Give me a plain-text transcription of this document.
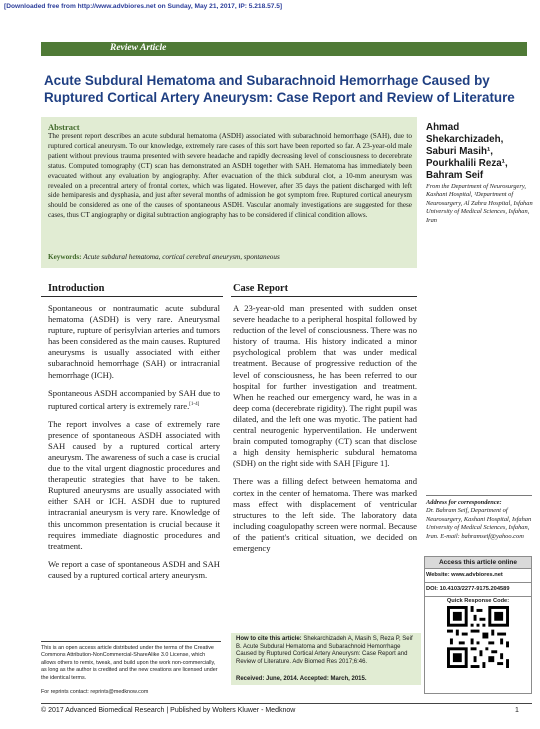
[Downloaded free from http://www.advbiores.net on Sunday, May 21, 2017, IP: 5.218.57.5]
Review Article
Acute Subdural Hematoma and Subarachnoid Hemorrhage Caused by Ruptured Cortical Artery Aneurysm: Case Report and Review of Literature
Abstract
The present report describes an acute subdural hematoma (ASDH) associated with subarachnoid hemorrhage (SAH), due to ruptured cortical aneurysm. To our knowledge, extremely rare cases of this sort have been reported so far. A 23-year-old male patient without previous trauma presented with severe headache and rapidly decreasing level of consciousness to decerebrate status. Computed tomography (CT) scan has demonstrated an ASDH together with SAH. Hematoma has immediately been evacuated without any evaluation by angiography. After evacuation of the thick subdural clot, a 10-mm aneurysm was revealed on a precentral artery of frontal cortex, which was ligated. However, after 35 days the patient discharged with left side hemiparesis and dysphasia, and just after several months of admission he got symptom free. Ruptured cortical aneurysm should be considered as one of the causes of spontaneous ASDH. Vascular anomaly investigations are suggested for these cases, thus CT angiography or digital subtraction angiography has to be considered if clinical condition allows.
Keywords: Acute subdural hematoma, cortical cerebral aneurysm, spontaneous
Ahmad
Shekarchizadeh,
Saburi Masih¹,
Pourkhalili Reza¹,
Bahram Seif
From the Department of Neurosurgery, Kashani Hospital, ¹Department of Neurosurgery, Al Zahra Hospital, Isfahan University of Medical Sciences, Isfahan, Iran
Introduction

Spontaneous or nontraumatic acute subdural hematoma (ASDH) is very rare. Aneurysmal rupture, rupture of perisylvian arteries and tumors has been considered as the main causes. Ruptured aneurysms is usually associated with either subarachnoid hemorrhage (SAH) or intracranial hemorrhage (ICH).

Spontaneous ASDH accompanied by SAH due to ruptured cortical artery is extremely rare.[1-4]

The report involves a case of extremely rare presence of spontaneous ASDH associated with SAH caused by a ruptured cortical artery aneurysm. The awareness of such a case is crucial due to the vital urgent diagnostic procedures and therapeutic strategies that have to be taken. Ruptured aneurysms are usually associated with either SAH or ICH. ASDH due to ruptured intracranial aneurysm is very rare. Knowledge of this uncommon presentation is crucial because it requires immediate diagnostic procedures and treatment.

We report a case of spontaneous ASDH and SAH caused by a ruptured cortical artery aneurysm.

Case Report

A 23-year-old man presented with sudden onset severe headache to a peripheral hospital followed by reduction of the level of consciousness. There was no history of trauma. His history indicated a minor psychological problem that was under medical treatment. Because of progressive reduction of the level of consciousness, he has been referred to our hospital for further investigation and treatment. When he reached our emergency ward, he was in a deep coma (decerebrate rigidity). The right pupil was dilated, and the left one was myotic. The patient had central neurogenic hyperventilation. He underwent brain computed tomography (CT) scan that disclose a high density hemispheric subdural hematoma (SDH) on the right side with SAH [Figure 1].

There was a filling defect between hematoma and cortex in the center of hematoma. There was marked mass effect with displacement of ventricular structures to the left side. The laboratory data including coagulopathy screen were normal. Because of the patient's critical situation, we decided on emergency

Address for correspondence:
Dr. Bahram Seif, Department of Neurosurgery, Kashani Hospital, Isfahan University of Medical Sciences, Isfahan, Iran. E-mail: bahramseif@yahoo.com
Access this article online
Website: www.advbiores.net
DOI: 10.4103/2277-9175.204589
Quick Response Code:
This is an open access article distributed under the terms of the Creative Commons Attribution-NonCommercial-ShareAlike 3.0 License, which allows others to remix, tweak, and build upon the work non-commercially, as long as the author is credited and the new creations are licensed under the identical terms.
For reprints contact: reprints@medknow.com
How to cite this article: Shekarchizadeh A, Masih S, Reza P, Seif B. Acute Subdural Hematoma and Subarachnoid Hemorrhage Caused by Ruptured Cortical Artery Aneurysm: Case Report and Review of Literature. Adv Biomed Res 2017;6:46.
Received: June, 2014. Accepted: March, 2015.
© 2017 Advanced Biomedical Research | Published by Wolters Kluwer - Medknow	1
